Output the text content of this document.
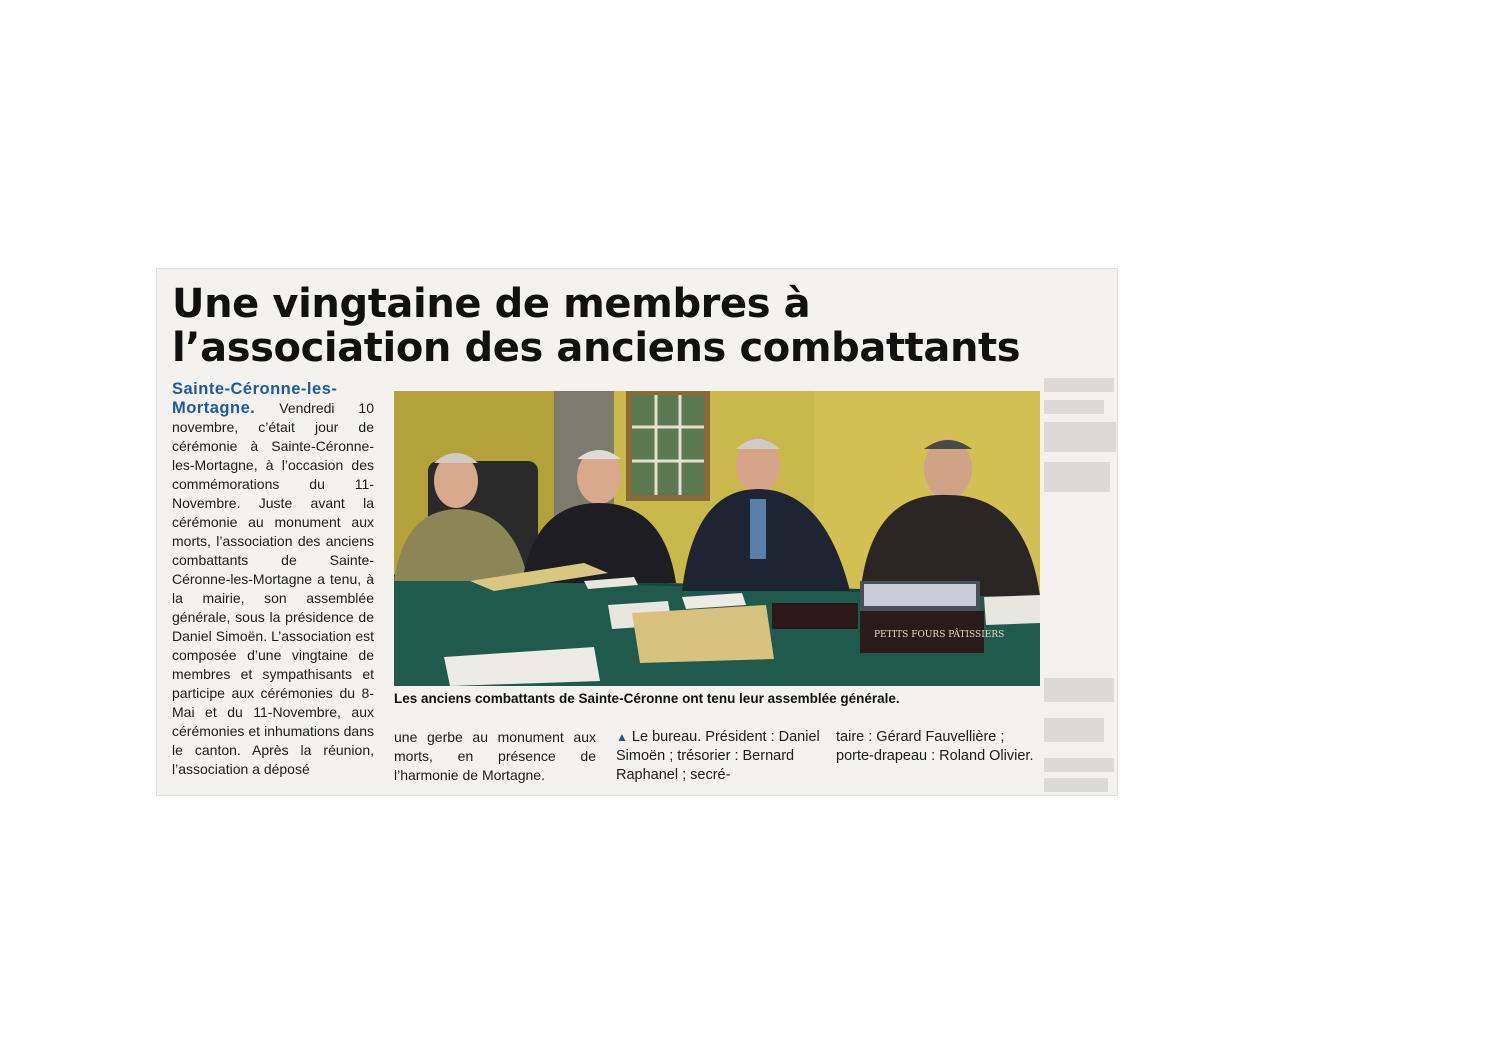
Une vingtaine de membres à
l’association des anciens combattants
Sainte-Céronne-les-Mortagne. Vendredi 10 novembre, c’était jour de cérémonie à Sainte-Céronne-les-Mortagne, à l’occasion des commémorations du 11-Novembre. Juste avant la cérémonie au monument aux morts, l’association des anciens combattants de Sainte-Céronne-les-Mortagne a tenu, à la mairie, son assemblée générale, sous la présidence de Daniel Simoën. L’association est composée d’une vingtaine de membres et sympathisants et participe aux cérémonies du 8-Mai et du 11-Novembre, aux cérémonies et inhumations dans le canton. Après la réunion, l’association a déposé
PETITS FOURS PÂTISSIERS
Les anciens combattants de Sainte-Céronne ont tenu leur assemblée générale.
une gerbe au monument aux morts, en présence de l’harmonie de Mortagne.
▲ Le bureau. Président : Daniel Simoën ; trésorier : Bernard Raphanel ; secré-
taire : Gérard Fauvellière ; porte-drapeau : Roland Olivier.
